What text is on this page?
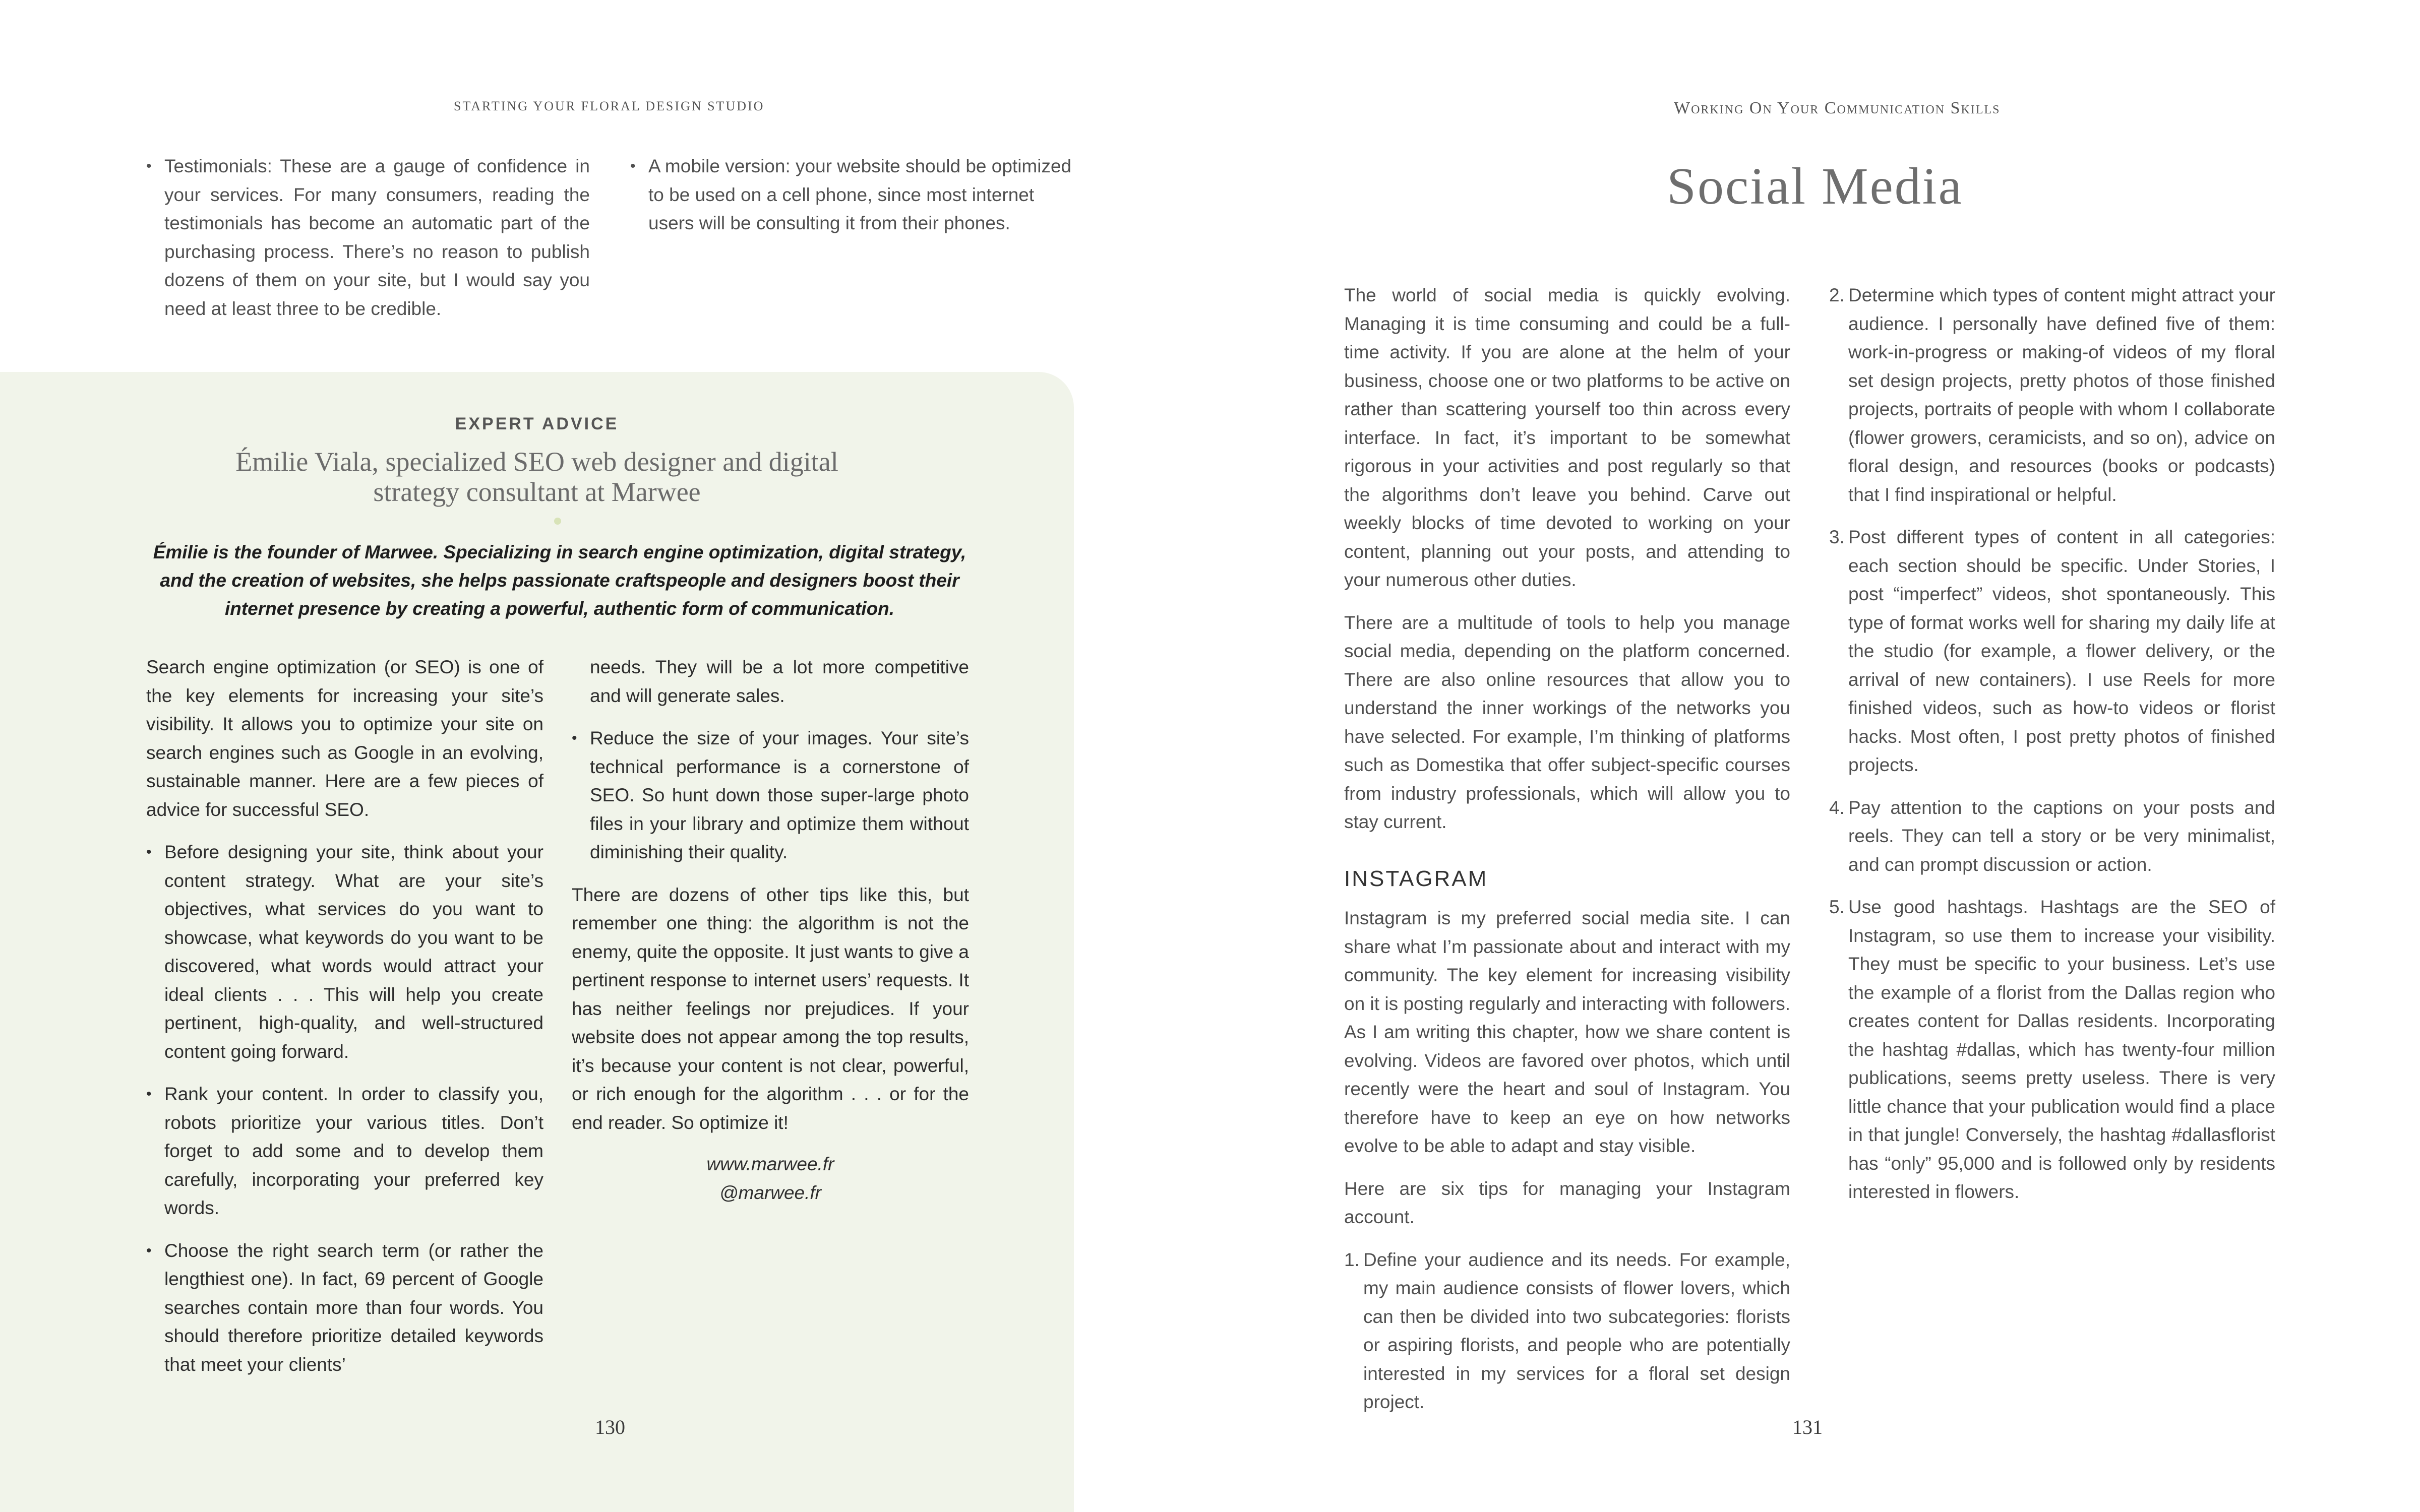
STARTING YOUR FLORAL DESIGN STUDIO
• Testimonials: These are a gauge of confidence in your services. For many consumers, reading the testimonials has become an automatic part of the purchasing process. There’s no reason to publish dozens of them on your site, but I would say you need at least three to be credible.
• A mobile version: your website should be optimized to be used on a cell phone, since most internet users will be consulting it from their phones.
EXPERT ADVICE
Émilie Viala, specialized SEO web designer and digital strategy consultant at Marwee
Émilie is the founder of Marwee. Specializing in search engine optimization, digital strategy, and the creation of websites, she helps passionate craftspeople and designers boost their internet presence by creating a powerful, authentic form of communication.

Search engine optimization (or SEO) is one of the key elements for increasing your site’s visibility. It allows you to optimize your site on search engines such as Google in an evolving, sustainable manner. Here are a few pieces of advice for successful SEO.

• Before designing your site, think about your content strategy. What are your site’s objectives, what services do you want to showcase, what keywords do you want to be discovered, what words would attract your ideal clients . . . This will help you create pertinent, high-quality, and well-structured content going forward.
• Rank your content. In order to classify you, robots prioritize your various titles. Don’t forget to add some and to develop them carefully, incorporating your preferred key words.
• Choose the right search term (or rather the lengthiest one). In fact, 69 percent of Google searches contain more than four words. You should therefore prioritize detailed keywords that meet your clients’

needs. They will be a lot more competitive and will generate sales.

• Reduce the size of your images. Your site’s technical performance is a cornerstone of SEO. So hunt down those super-large photo files in your library and optimize them without diminishing their quality.

There are dozens of other tips like this, but remember one thing: the algorithm is not the enemy, quite the opposite. It just wants to give a pertinent response to internet users’ requests. It has neither feelings nor prejudices. If your website does not appear among the top results, it’s because your content is not clear, powerful, or rich enough for the algorithm . . . or for the end reader. So optimize it!

www.marwee.fr
@marwee.fr
130
Working On Your Communication Skills
Social Media

The world of social media is quickly evolving. Managing it is time consuming and could be a full-time activity. If you are alone at the helm of your business, choose one or two platforms to be active on rather than scattering yourself too thin across every interface. In fact, it’s important to be somewhat rigorous in your activities and post regularly so that the algorithms don’t leave you behind. Carve out weekly blocks of time devoted to working on your content, planning out your posts, and attending to your numerous other duties.

There are a multitude of tools to help you manage social media, depending on the platform concerned. There are also online resources that allow you to understand the inner workings of the networks you have selected. For example, I’m thinking of platforms such as Domestika that offer subject-specific courses from industry professionals, which will allow you to stay current.

INSTAGRAM

Instagram is my preferred social media site. I can share what I’m passionate about and interact with my community. The key element for increasing visibility on it is posting regularly and interacting with followers. As I am writing this chapter, how we share content is evolving. Videos are favored over photos, which until recently were the heart and soul of Instagram. You therefore have to keep an eye on how networks evolve to be able to adapt and stay visible.

Here are six tips for managing your Instagram account.

1. Define your audience and its needs. For example, my main audience consists of flower lovers, which can then be divided into two subcategories: florists or aspiring florists, and people who are potentially interested in my services for a floral set design project.
2. Determine which types of content might attract your audience. I personally have defined five of them: work-in-progress or making-of videos of my floral set design projects, pretty photos of those finished projects, portraits of people with whom I collaborate (flower growers, ceramicists, and so on), advice on floral design, and resources (books or podcasts) that I find inspirational or helpful.
3. Post different types of content in all categories: each section should be specific. Under Stories, I post “imperfect” videos, shot spontaneously. This type of format works well for sharing my daily life at the studio (for example, a flower delivery, or the arrival of new containers). I use Reels for more finished videos, such as how-to videos or florist hacks. Most often, I post pretty photos of finished projects.
4. Pay attention to the captions on your posts and reels. They can tell a story or be very minimalist, and can prompt discussion or action.
5. Use good hashtags. Hashtags are the SEO of Instagram, so use them to increase your visibility. They must be specific to your business. Let’s use the example of a florist from the Dallas region who creates content for Dallas residents. Incorporating the hashtag #dallas, which has twenty-four million publications, seems pretty useless. There is very little chance that your publication would find a place in that jungle! Conversely, the hashtag #dallasflorist has “only” 95,000 and is followed only by residents interested in flowers.
131
